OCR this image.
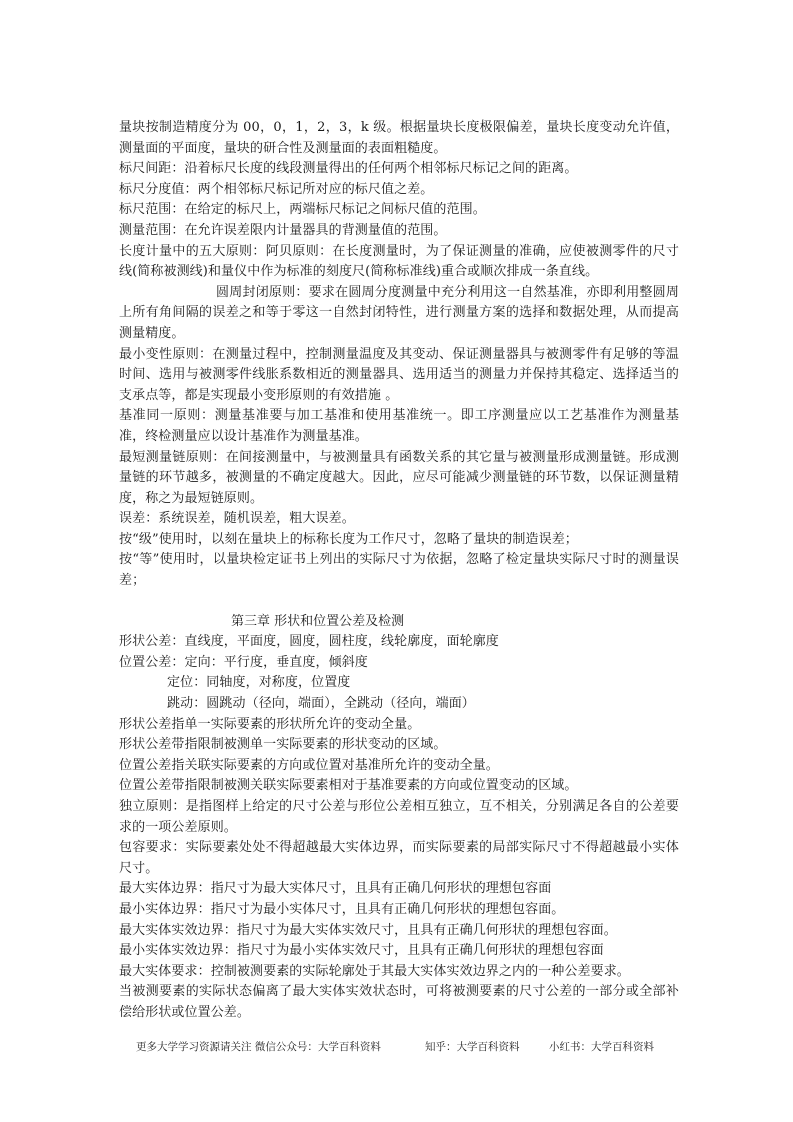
量块按制造精度分为 00，0，1，2，3，k 级。根据量块长度极限偏差，量块长度变动允许值，测量面的平面度，量块的研合性及测量面的表面粗糙度。

标尺间距：沿着标尺长度的线段测量得出的任何两个相邻标尺标记之间的距离。

标尺分度值：两个相邻标尺标记所对应的标尺值之差。

标尺范围：在给定的标尺上，两端标尺标记之间标尺值的范围。

测量范围：在允许误差限内计量器具的背测量值的范围。

长度计量中的五大原则：阿贝原则：在长度测量时，为了保证测量的准确，应使被测零件的尺寸线(简称被测线)和量仪中作为标准的刻度尺(简称标准线)重合或顺次排成一条直线。

圆周封闭原则：要求在圆周分度测量中充分利用这一自然基准，亦即利用整圆周上所有角间隔的误差之和等于零这一自然封闭特性，进行测量方案的选择和数据处理，从而提高测量精度。

最小变性原则：在测量过程中，控制测量温度及其变动、保证测量器具与被测零件有足够的等温时间、选用与被测零件线胀系数相近的测量器具、选用适当的测量力并保持其稳定、选择适当的支承点等，都是实现最小变形原则的有效措施 。

基准同一原则：测量基准要与加工基准和使用基准统一。即工序测量应以工艺基准作为测量基准，终检测量应以设计基准作为测量基准。

最短测量链原则：在间接测量中，与被测量具有函数关系的其它量与被测量形成测量链。形成测量链的环节越多，被测量的不确定度越大。因此，应尽可能减少测量链的环节数，以保证测量精度，称之为最短链原则。

误差：系统误差，随机误差，粗大误差。

按“级”使用时，以刻在量块上的标称长度为工作尺寸，忽略了量块的制造误差；

按“等”使用时，以量块检定证书上列出的实际尺寸为依据，忽略了检定量块实际尺寸时的测量误差；

第三章 形状和位置公差及检测

形状公差：直线度，平面度，圆度，圆柱度，线轮廓度，面轮廓度

位置公差：定向：平行度，垂直度，倾斜度

定位：同轴度，对称度，位置度

跳动：圆跳动（径向，端面），全跳动（径向，端面）

形状公差指单一实际要素的形状所允许的变动全量。

形状公差带指限制被测单一实际要素的形状变动的区域。

位置公差指关联实际要素的方向或位置对基准所允许的变动全量。

位置公差带指限制被测关联实际要素相对于基准要素的方向或位置变动的区域。

独立原则：是指图样上给定的尺寸公差与形位公差相互独立，互不相关，分别满足各自的公差要求的一项公差原则。

包容要求：实际要素处处不得超越最大实体边界，而实际要素的局部实际尺寸不得超越最小实体尺寸。

最大实体边界：指尺寸为最大实体尺寸，且具有正确几何形状的理想包容面

最小实体边界：指尺寸为最小实体尺寸，且具有正确几何形状的理想包容面。

最大实体实效边界：指尺寸为最大实体实效尺寸，且具有正确几何形状的理想包容面。

最小实体实效边界：指尺寸为最小实体实效尺寸，且具有正确几何形状的理想包容面

最大实体要求：控制被测要素的实际轮廓处于其最大实体实效边界之内的一种公差要求。

当被测要素的实际状态偏离了最大实体实效状态时，可将被测要素的尺寸公差的一部分或全部补偿给形状或位置公差。

更多大学学习资源请关注 微信公众号：大学百科资料	知乎：大学百科资料	小红书：大学百科资料
